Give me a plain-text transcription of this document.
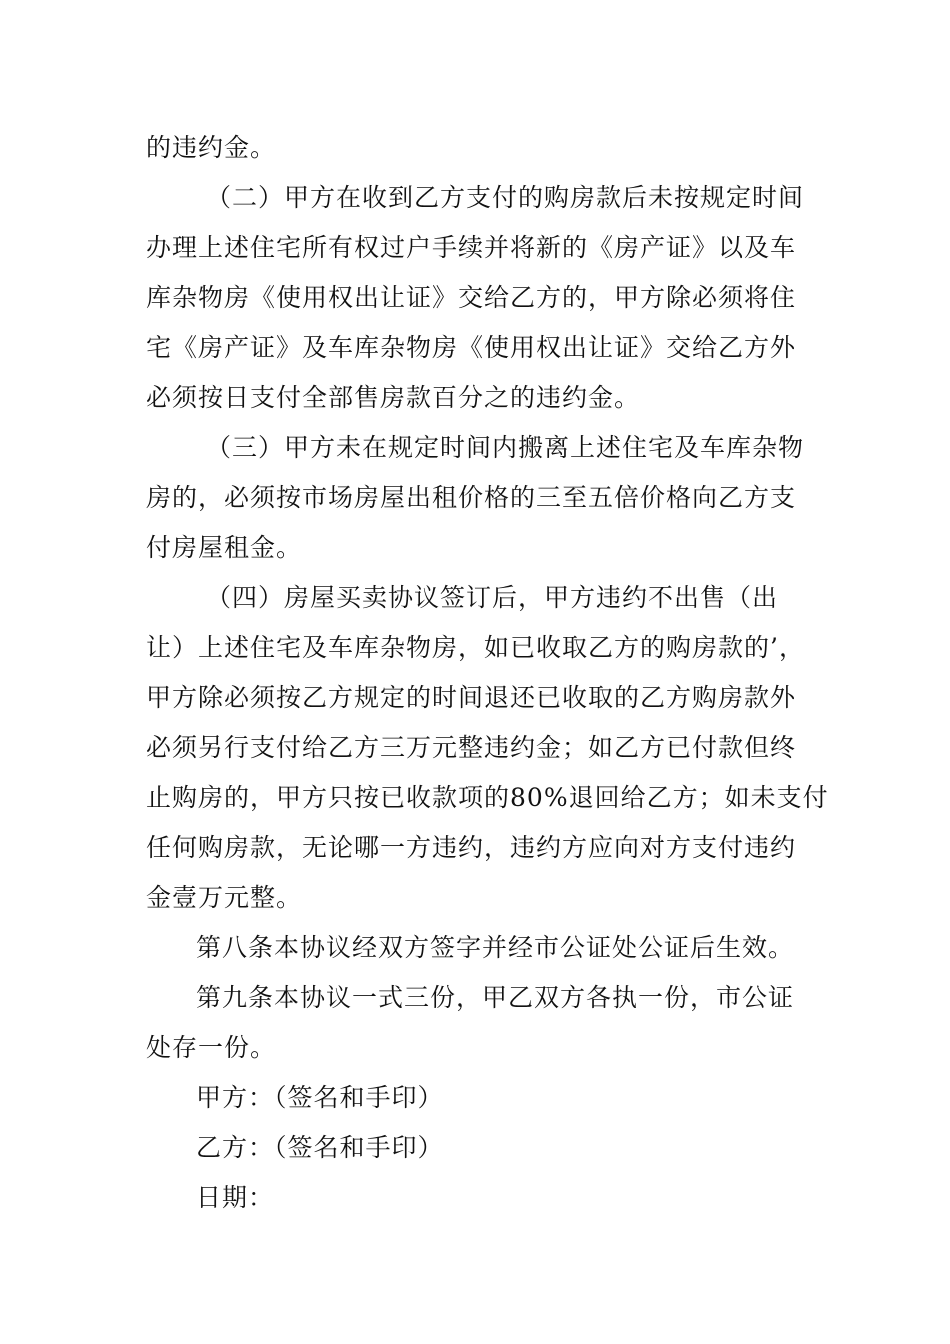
的违约金。
（二）甲方在收到乙方支付的购房款后未按规定时间
办理上述住宅所有权过户手续并将新的《房产证》以及车
库杂物房《使用权出让证》交给乙方的，甲方除必须将住
宅《房产证》及车库杂物房《使用权出让证》交给乙方外
必须按日支付全部售房款百分之的违约金。
（三）甲方未在规定时间内搬离上述住宅及车库杂物
房的，必须按市场房屋出租价格的三至五倍价格向乙方支
付房屋租金。
（四）房屋买卖协议签订后，甲方违约不出售（出
让）上述住宅及车库杂物房，如已收取乙方的购房款的’，
甲方除必须按乙方规定的时间退还已收取的乙方购房款外
必须另行支付给乙方三万元整违约金；如乙方已付款但终
止购房的，甲方只按已收款项的80%退回给乙方；如未支付
任何购房款，无论哪一方违约，违约方应向对方支付违约
金壹万元整。
第八条本协议经双方签字并经市公证处公证后生效。
第九条本协议一式三份，甲乙双方各执一份，市公证
处存一份。
甲方：（签名和手印）
乙方：（签名和手印）
日期：
